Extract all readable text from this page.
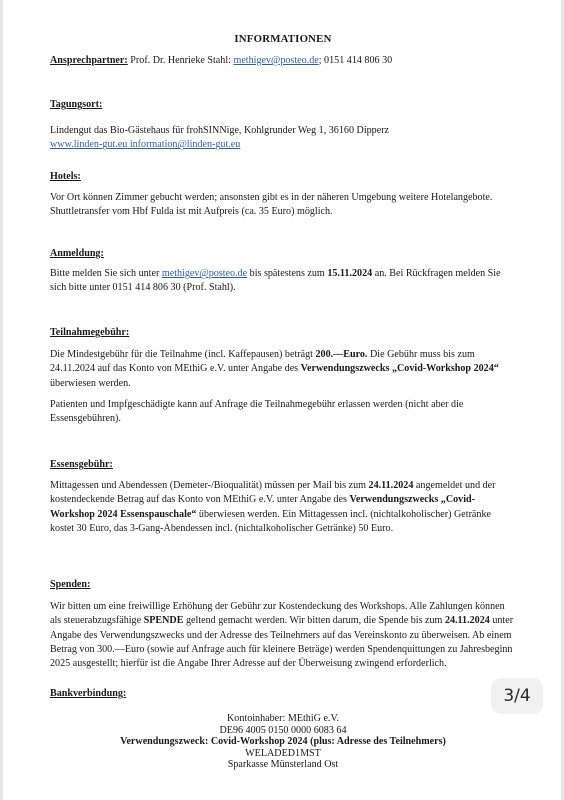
INFORMATIONEN
Ansprechpartner: Prof. Dr. Henrieke Stahl: methigev@posteo.de; 0151 414 806 30
Tagungsort:

Lindengut das Bio-Gästehaus für frohSINNige, Kohlgrunder Weg 1, 36160 Dipperz

www.linden-gut.eu information@linden-gut.eu

Hotels:

Vor Ort können Zimmer gebucht werden; ansonsten gibt es in der näheren Umgebung weitere Hotelangebote. Shuttletransfer vom Hbf Fulda ist mit Aufpreis (ca. 35 Euro) möglich.

Anmeldung:

Bitte melden Sie sich unter methigev@posteo.de bis spätestens zum 15.11.2024 an. Bei Rückfragen melden Sie sich bitte unter 0151 414 806 30 (Prof. Stahl).

Teilnahmegebühr:

Die Mindestgebühr für die Teilnahme (incl. Kaffepausen) beträgt 200.—Euro. Die Gebühr muss bis zum 24.11.2024 auf das Konto von MEthiG e.V. unter Angabe des Verwendungszwecks „Covid-Workshop 2024“ überwiesen werden.

Patienten und Impfgeschädigte kann auf Anfrage die Teilnahmegebühr erlassen werden (nicht aber die Essensgebühren).

Essensgebühr:

Mittagessen und Abendessen (Demeter-/Bioqualität) müssen per Mail bis zum 24.11.2024 angemeldet und der kostendeckende Betrag auf das Konto von MEthiG e.V. unter Angabe des Verwendungszwecks „Covid-Workshop 2024 Essenspauschale“ überwiesen werden. Ein Mittagessen incl. (nichtalkoholischer) Getränke kostet 30 Euro, das 3-Gang-Abendessen incl. (nichtalkoholischer Getränke) 50 Euro.

Spenden:

Wir bitten um eine freiwillige Erhöhung der Gebühr zur Kostendeckung des Workshops. Alle Zahlungen können als steuerabzugsfähige SPENDE geltend gemacht werden. Wir bitten darum, die Spende bis zum 24.11.2024 unter Angabe des Verwendungszwecks und der Adresse des Teilnehmers auf das Vereinskonto zu überweisen. Ab einem Betrag von 300.—Euro (sowie auf Anfrage auch für kleinere Beträge) werden Spendenquittungen zu Jahresbeginn 2025 ausgestellt; hierfür ist die Angabe Ihrer Adresse auf der Überweisung zwingend erforderlich.

Bankverbindung:
Kontoinhaber: MEthiG e.V.
DE96 4005 0150 0000 6083 64
Verwendungszweck: Covid-Workshop 2024 (plus: Adresse des Teilnehmers)
WELADED1MST
Sparkasse Münsterland Ost
3/4
